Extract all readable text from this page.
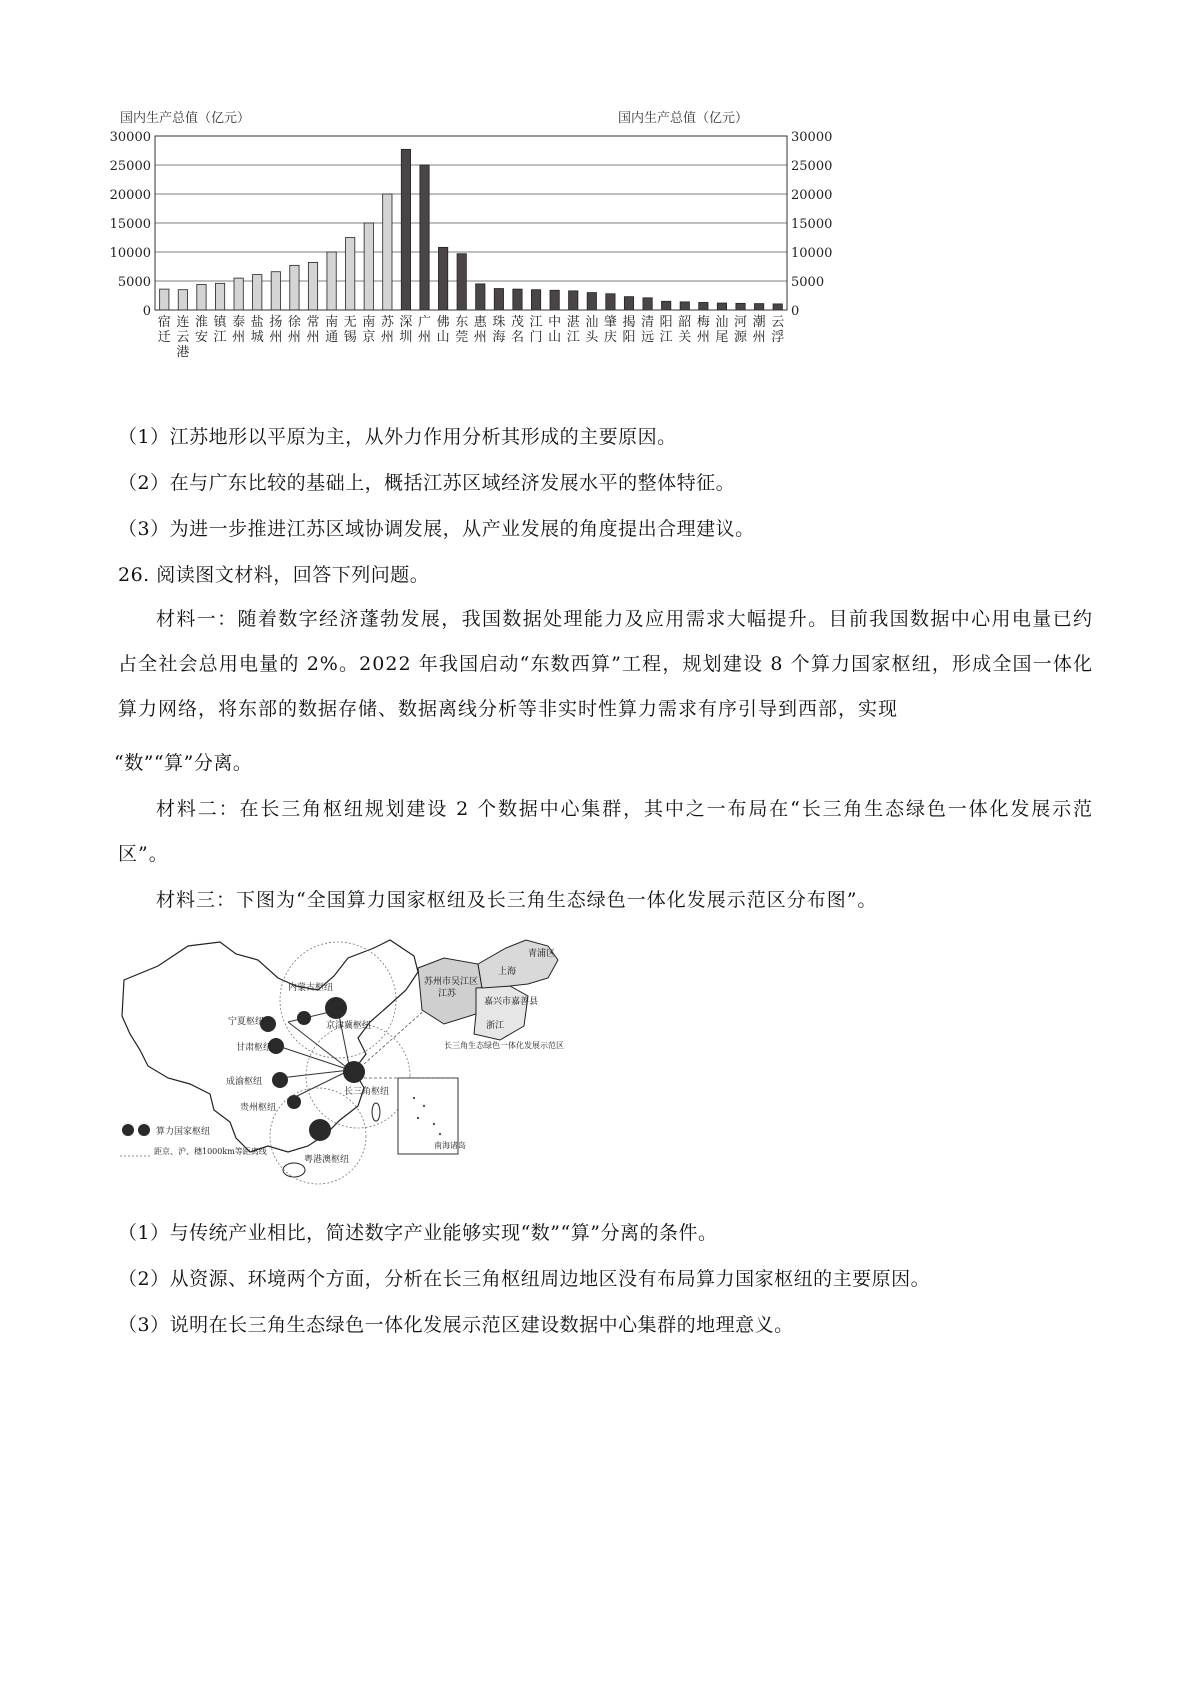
国内生产总值（亿元）	国内生产总值（亿元）
0
5000
10000
15000
20000
25000
30000
0
5000
10000
15000
20000
25000
30000
宿迁
连云港
淮安
镇江
泰州
盐城
扬州
徐州
常州
南通
无锡
南京
苏州
深圳
广州
佛山
东莞
惠州
珠海
茂名
江门
中山
湛江
汕头
肇庆
揭阳
清远
阳江
韶关
梅州
汕尾
河源
潮州
云浮
（1）江苏地形以平原为主，从外力作用分析其形成的主要原因。
（2）在与广东比较的基础上，概括江苏区域经济发展水平的整体特征。
（3）为进一步推进江苏区域协调发展，从产业发展的角度提出合理建议。
26. 阅读图文材料，回答下列问题。
材料一：随着数字经济蓬勃发展，我国数据处理能力及应用需求大幅提升。目前我国数据中心用电量已约占全社会总用电量的 2%。2022 年我国启动“东数西算”工程，规划建设 8 个算力国家枢纽，形成全国一体化算力网络，将东部的数据存储、数据离线分析等非实时性算力需求有序引导到西部，实现
“数”“算”分离。
材料二：在长三角枢纽规划建设 2 个数据中心集群，其中之一布局在“长三角生态绿色一体化发展示范区”。
材料三：下图为“全国算力国家枢纽及长三角生态绿色一体化发展示范区分布图”。
内蒙古枢纽
宁夏枢纽
甘肃枢纽
京津冀枢纽
成渝枢纽
长三角枢纽
贵州枢纽
粤港澳枢纽
算力国家枢纽
距京、沪、穗1000km等距离线
南海诸岛
青浦区
上海
苏州市吴江区
江苏
嘉兴市嘉善县
浙江
长三角生态绿色一体化发展示范区
（1）与传统产业相比，简述数字产业能够实现“数”“算”分离的条件。
（2）从资源、环境两个方面，分析在长三角枢纽周边地区没有布局算力国家枢纽的主要原因。
（3）说明在长三角生态绿色一体化发展示范区建设数据中心集群的地理意义。
